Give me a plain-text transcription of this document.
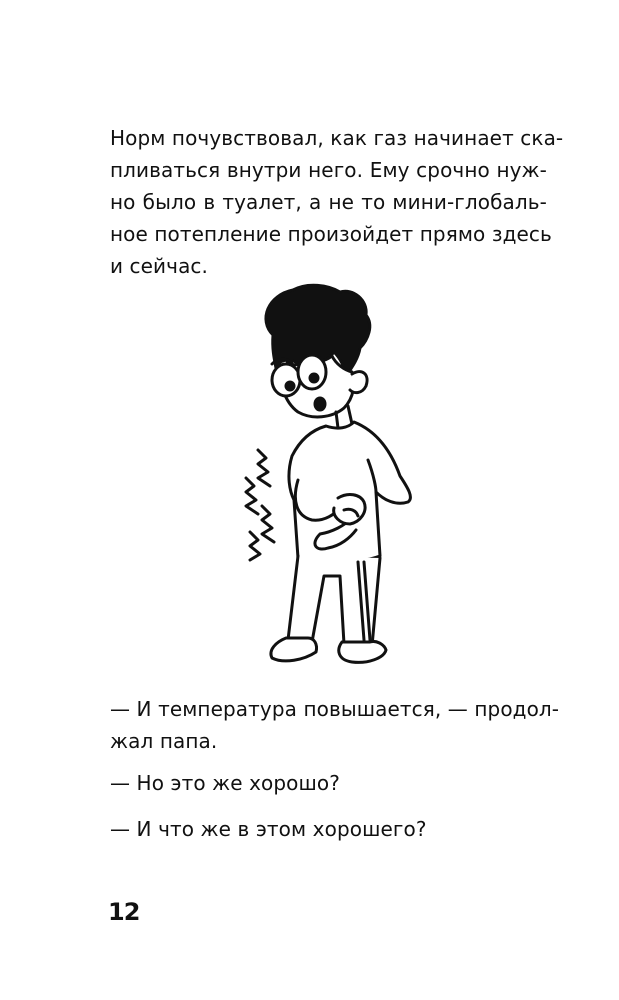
Норм почувствовал, как газ начинает ска-
пливаться внутри него. Ему срочно нуж-
но было в туалет, а не то мини-глобаль-
ное потепление произойдет прямо здесь
и сейчас.
— И температура повышается, — продол-
жал папа.
— Но это же хорошо?
— И что же в этом хорошего?
12
